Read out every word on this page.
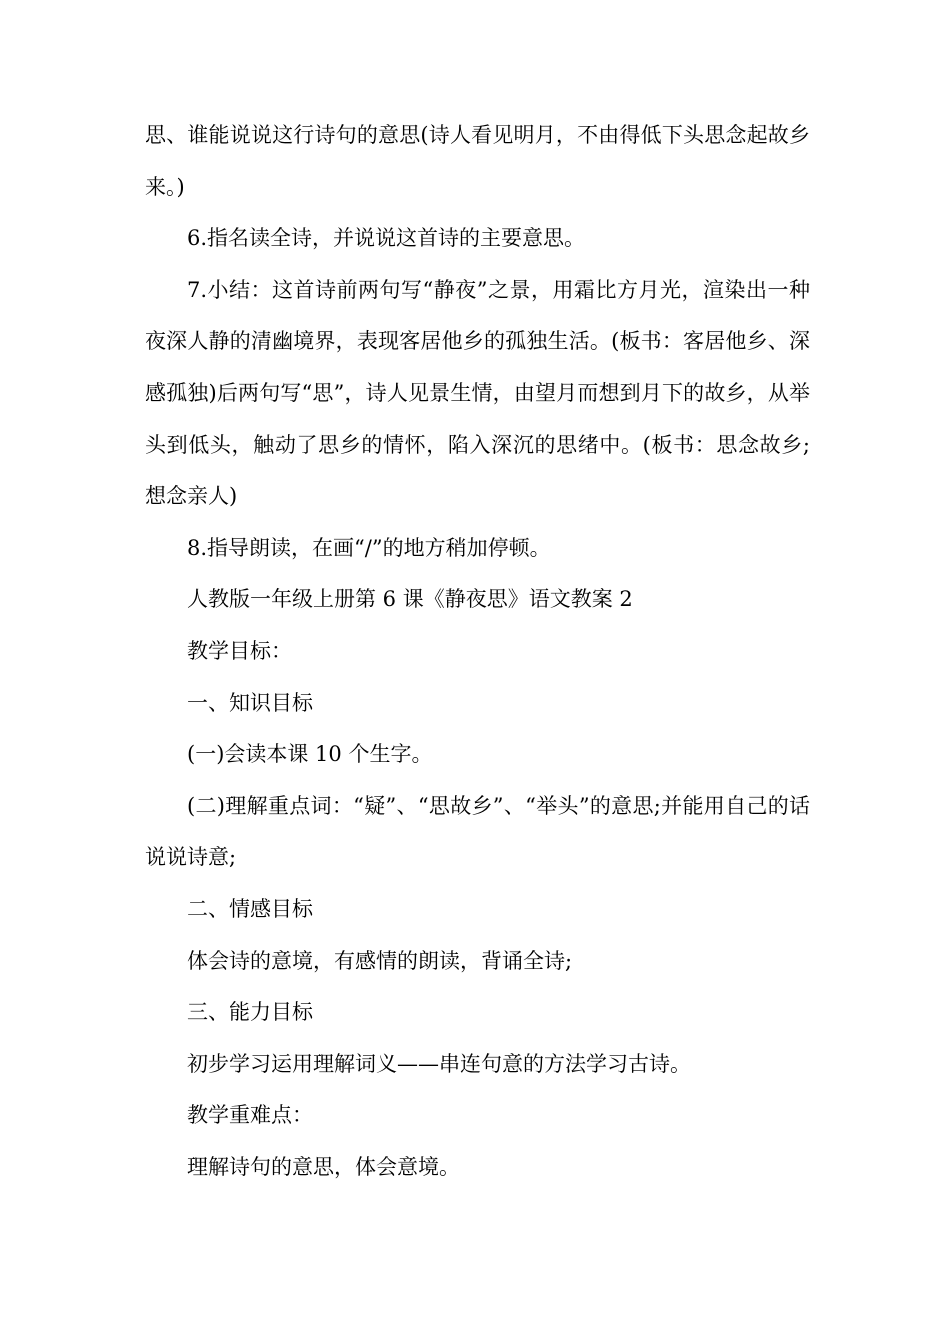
思、谁能说说这行诗句的意思(诗人看见明月，不由得低下头思念起故乡来。)

6.指名读全诗，并说说这首诗的主要意思。

7.小结：这首诗前两句写“静夜”之景，用霜比方月光，渲染出一种夜深人静的清幽境界，表现客居他乡的孤独生活。(板书：客居他乡、深感孤独)后两句写“思”，诗人见景生情，由望月而想到月下的故乡，从举头到低头，触动了思乡的情怀，陷入深沉的思绪中。(板书：思念故乡;想念亲人)

8.指导朗读，在画“/”的地方稍加停顿。

人教版一年级上册第 6 课《静夜思》语文教案 2

教学目标：

一、知识目标

(一)会读本课 10 个生字。

(二)理解重点词：“疑”、“思故乡”、“举头”的意思;并能用自己的话说说诗意;

二、情感目标

体会诗的意境，有感情的朗读，背诵全诗;

三、能力目标

初步学习运用理解词义——串连句意的方法学习古诗。

教学重难点：

理解诗句的意思，体会意境。
